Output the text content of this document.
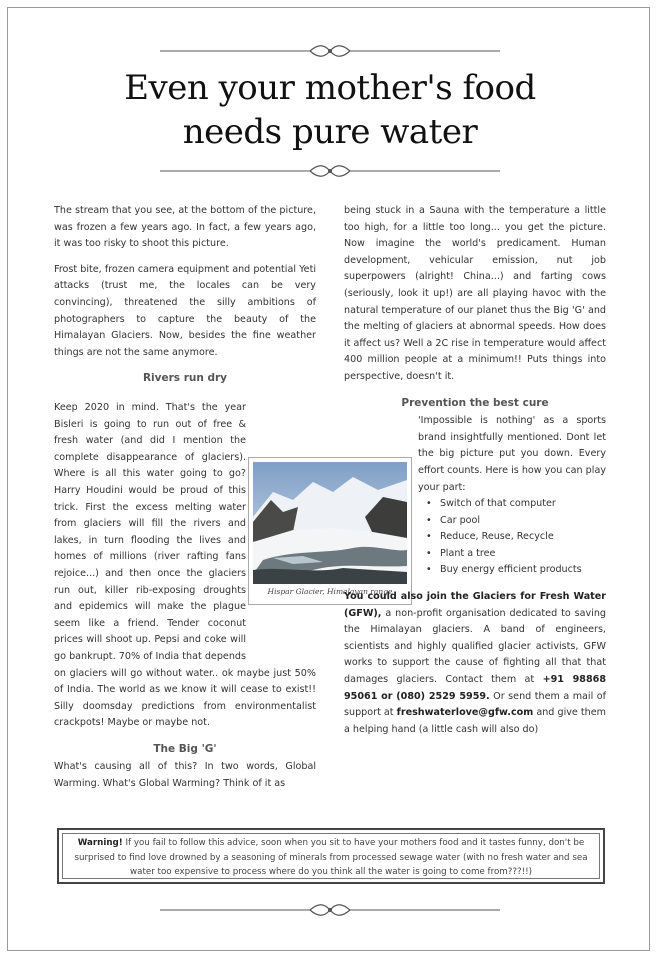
Even your mother's food
needs pure water

The stream that you see, at the bottom of the picture, was frozen a few years ago. In fact, a few years ago, it was too risky to shoot this picture.

Frost bite, frozen camera equipment and potential Yeti attacks (trust me, the locales can be very convincing), threatened the silly ambitions of photographers to capture the beauty of the Himalayan Glaciers. Now, besides the fine weather things are not the same anymore.

Rivers run dry
Keep 2020 in mind. That's the year Bisleri is going to run out of free & fresh water (and did I mention the complete disappearance of glaciers). Where is all this water going to go? Harry Houdini would be proud of this trick. First the excess melting water from glaciers will fill the rivers and lakes, in turn flooding the lives and homes of millions (river rafting fans rejoice...) and then once the glaciers run out, killer rib-exposing droughts and epidemics will make the plague seem like a friend. Tender coconut prices will shoot up. Pepsi and coke will go bankrupt. 70% of India that depends on glaciers will go without water.. ok maybe just 50% of India. The world as we know it will cease to exist!! Silly doomsday predictions from environmentalist crackpots! Maybe or maybe not.
The Big 'G'
What's causing all of this? In two words, Global Warming. What's Global Warming? Think of it as
Hispar Glacier, Himalayan range

being stuck in a Sauna with the temperature a little too high, for a little too long... you get the picture. Now imagine the world's predicament. Human development, vehicular emission, nut job superpowers (alright! China...) and farting cows (seriously, look it up!) are all playing havoc with the natural temperature of our planet thus the Big 'G' and the melting of glaciers at abnormal speeds. How does it affect us? Well a 2C rise in temperature would affect 400 million people at a minimum!! Puts things into perspective, doesn't it.

Prevention the best cure
'Impossible is nothing' as a sports brand insightfully mentioned. Dont let the big picture put you down. Every effort counts. Here is how you can play your part:
• Switch of that computer
• Car pool
• Reduce, Reuse, Recycle
• Plant a tree
• Buy energy efficient products

You could also join the Glaciers for Fresh Water (GFW), a non-profit organisation dedicated to saving the Himalayan glaciers. A band of engineers, scientists and highly qualified glacier activists, GFW works to support the cause of fighting all that that damages glaciers. Contact them at +91 98868 95061 or (080) 2529 5959. Or send them a mail of support at freshwaterlove@gfw.com and give them a helping hand (a little cash will also do)

Warning! If you fail to follow this advice, soon when you sit to have your mothers food and it tastes funny, don't be surprised to find love drowned by a seasoning of minerals from processed sewage water (with no fresh water and sea water too expensive to process where do you think all the water is going to come from???!!)
